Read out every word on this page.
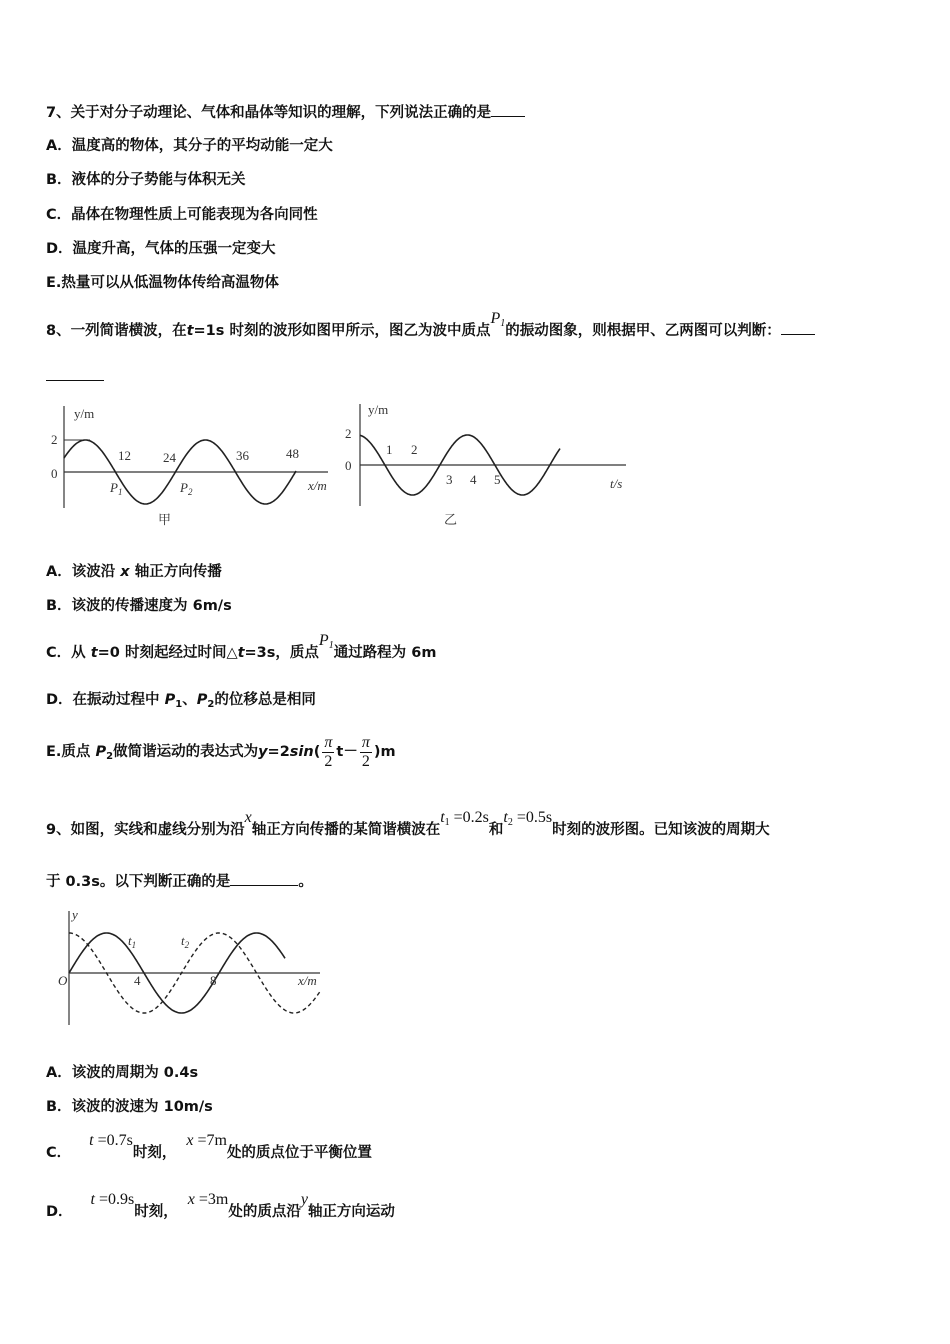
7、关于对分子动理论、气体和晶体等知识的理解，下列说法正确的是
A．温度高的物体，其分子的平均动能一定大
B．液体的分子势能与体积无关
C．晶体在物理性质上可能表现为各向同性
D．温度升高，气体的压强一定变大
E.热量可以从低温物体传给高温物体
8、一列简谐横波，在t=1s 时刻的波形如图甲所示，图乙为波中质点P1的振动图象，则根据甲、乙两图可以判断：
y/m
2
0
12 24	36	48
$P_1$	$P_2$	x/m
甲
y/m
2
0
1 2
3 4 5	t/s
乙
A．该波沿 x 轴正方向传播
B．该波的传播速度为 6m/s
C．从 t=0 时刻起经过时间△t=3s，质点P1通过路程为 6m
D．在振动过程中 $P_1$、$P_2$的位移总是相同
E.质点 $P_2$做简谐运动的表达式为$y=2\sin( \frac{\pi}{2} t- \frac{\pi}{2} )m$
9、如图，实线和虚线分别为沿x轴正方向传播的某简谐横波在t1 =0.2s和t2 =0.5s时刻的波形图。已知该波的周期大
于 0.3s。以下判断正确的是	。
y
O	4	8	x/m
$t_1$	$t_2$
A．该波的周期为 0.4s
B．该波的波速为 10m/s
C．t =0.7s时刻，x =7m处的质点位于平衡位置
D．t =0.9s时刻，x =3m处的质点沿y轴正方向运动
